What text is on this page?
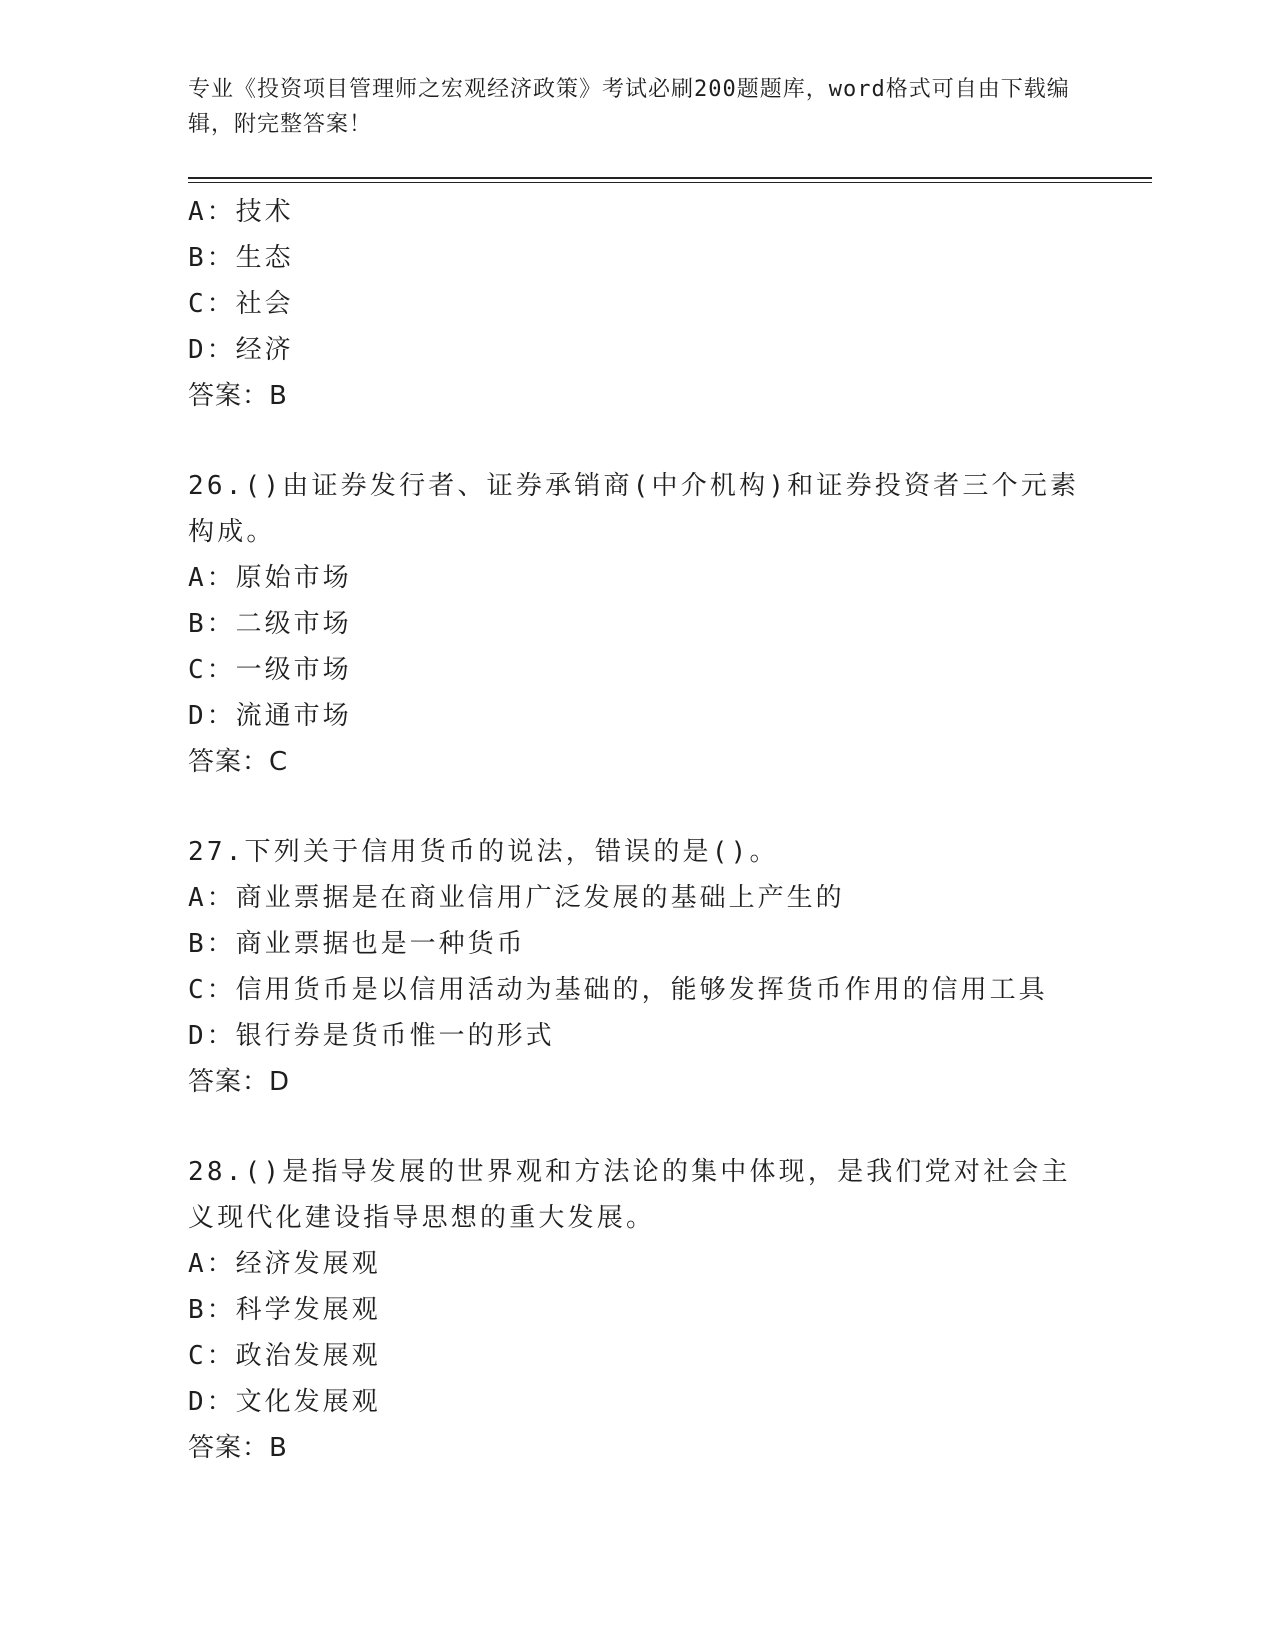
专业《投资项目管理师之宏观经济政策》考试必刷200题题库，word格式可自由下载编辑，附完整答案！
A：技术
B：生态
C：社会
D：经济
答案：B
26.()由证券发行者、证券承销商(中介机构)和证券投资者三个元素构成。
A：原始市场
B：二级市场
C：一级市场
D：流通市场
答案：C
27.下列关于信用货币的说法，错误的是()。
A：商业票据是在商业信用广泛发展的基础上产生的
B：商业票据也是一种货币
C：信用货币是以信用活动为基础的，能够发挥货币作用的信用工具
D：银行券是货币惟一的形式
答案：D
28.()是指导发展的世界观和方法论的集中体现，是我们党对社会主义现代化建设指导思想的重大发展。
A：经济发展观
B：科学发展观
C：政治发展观
D：文化发展观
答案：B
